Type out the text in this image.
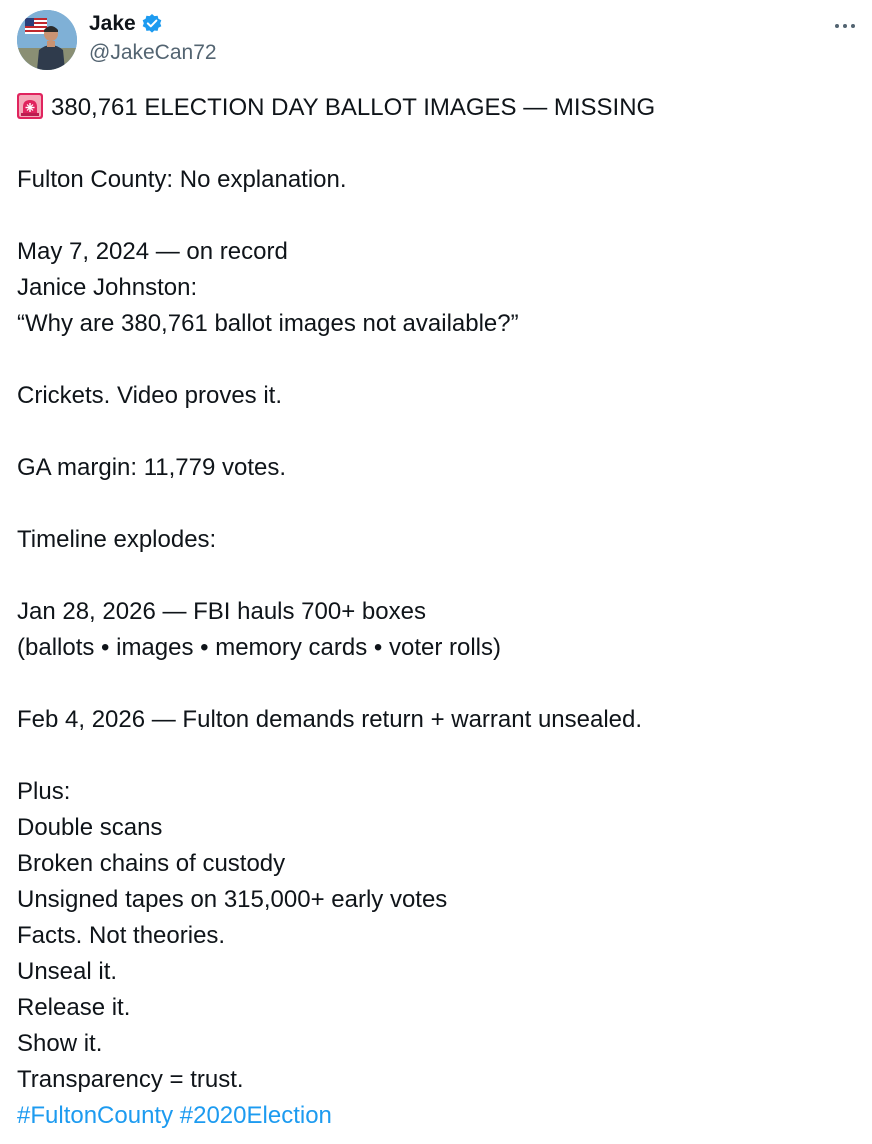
Jake
@JakeCan72
380,761 ELECTION DAY BALLOT IMAGES — MISSING
Fulton County: No explanation.
May 7, 2024 — on record
Janice Johnston:
“Why are 380,761 ballot images not available?”
Crickets. Video proves it.
GA margin: 11,779 votes.
Timeline explodes:
Jan 28, 2026 — FBI hauls 700+ boxes
(ballots • images • memory cards • voter rolls)
Feb 4, 2026 — Fulton demands return + warrant unsealed.
Plus:
Double scans
Broken chains of custody
Unsigned tapes on 315,000+ early votes
Facts. Not theories.
Unseal it.
Release it.
Show it.
Transparency = trust.
#FultonCounty #2020Election
